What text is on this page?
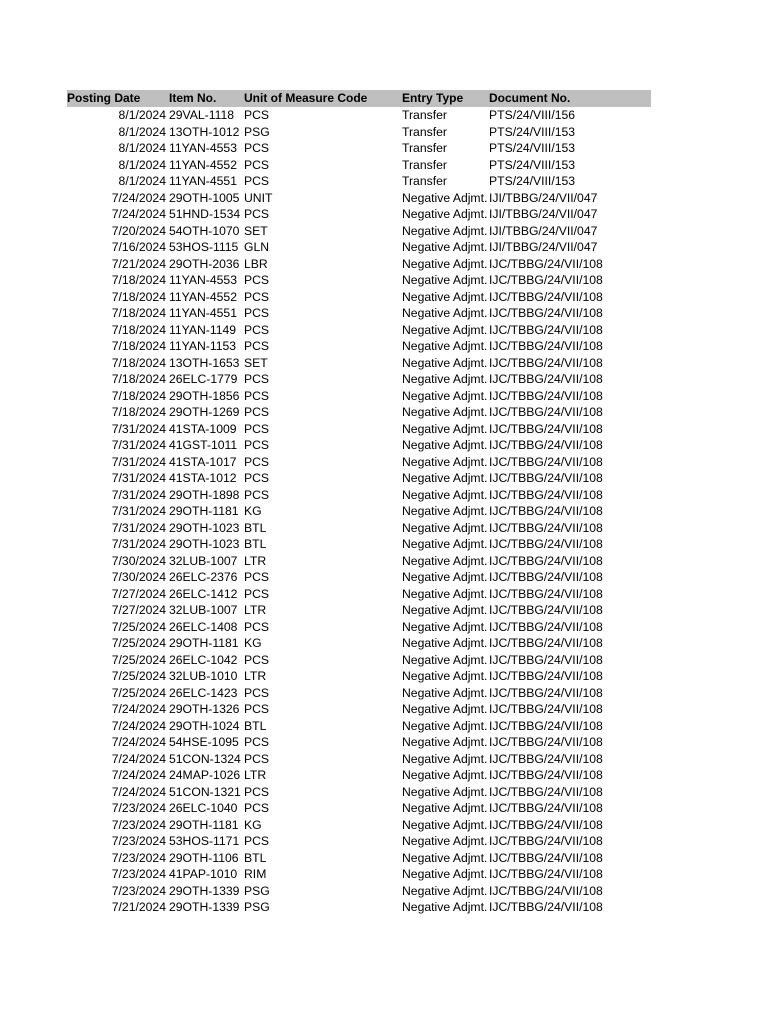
Posting Date	Item No. Unit of Measure Code	Entry Type Document No.
8/1/2024 29VAL-1118 PCS	Transfer	PTS/24/VIII/156
8/1/2024 13OTH-1012 PSG	Transfer	PTS/24/VIII/153
8/1/2024 11YAN-4553 PCS	Transfer	PTS/24/VIII/153
8/1/2024 11YAN-4552 PCS	Transfer	PTS/24/VIII/153
8/1/2024 11YAN-4551 PCS	Transfer	PTS/24/VIII/153
7/24/2024 29OTH-1005 UNIT	Negative Adjmt. IJI/TBBG/24/VII/047
7/24/2024 51HND-1534 PCS	Negative Adjmt. IJI/TBBG/24/VII/047
7/20/2024 54OTH-1070 SET	Negative Adjmt. IJI/TBBG/24/VII/047
7/16/2024 53HOS-1115 GLN	Negative Adjmt. IJI/TBBG/24/VII/047
7/21/2024 29OTH-2036 LBR	Negative Adjmt. IJC/TBBG/24/VII/108
7/18/2024 11YAN-4553 PCS	Negative Adjmt. IJC/TBBG/24/VII/108
7/18/2024 11YAN-4552 PCS	Negative Adjmt. IJC/TBBG/24/VII/108
7/18/2024 11YAN-4551 PCS	Negative Adjmt. IJC/TBBG/24/VII/108
7/18/2024 11YAN-1149 PCS	Negative Adjmt. IJC/TBBG/24/VII/108
7/18/2024 11YAN-1153 PCS	Negative Adjmt. IJC/TBBG/24/VII/108
7/18/2024 13OTH-1653 SET	Negative Adjmt. IJC/TBBG/24/VII/108
7/18/2024 26ELC-1779 PCS	Negative Adjmt. IJC/TBBG/24/VII/108
7/18/2024 29OTH-1856 PCS	Negative Adjmt. IJC/TBBG/24/VII/108
7/18/2024 29OTH-1269 PCS	Negative Adjmt. IJC/TBBG/24/VII/108
7/31/2024 41STA-1009 PCS	Negative Adjmt. IJC/TBBG/24/VII/108
7/31/2024 41GST-1011 PCS	Negative Adjmt. IJC/TBBG/24/VII/108
7/31/2024 41STA-1017 PCS	Negative Adjmt. IJC/TBBG/24/VII/108
7/31/2024 41STA-1012 PCS	Negative Adjmt. IJC/TBBG/24/VII/108
7/31/2024 29OTH-1898 PCS	Negative Adjmt. IJC/TBBG/24/VII/108
7/31/2024 29OTH-1181 KG	Negative Adjmt. IJC/TBBG/24/VII/108
7/31/2024 29OTH-1023 BTL	Negative Adjmt. IJC/TBBG/24/VII/108
7/31/2024 29OTH-1023 BTL	Negative Adjmt. IJC/TBBG/24/VII/108
7/30/2024 32LUB-1007 LTR	Negative Adjmt. IJC/TBBG/24/VII/108
7/30/2024 26ELC-2376 PCS	Negative Adjmt. IJC/TBBG/24/VII/108
7/27/2024 26ELC-1412 PCS	Negative Adjmt. IJC/TBBG/24/VII/108
7/27/2024 32LUB-1007 LTR	Negative Adjmt. IJC/TBBG/24/VII/108
7/25/2024 26ELC-1408 PCS	Negative Adjmt. IJC/TBBG/24/VII/108
7/25/2024 29OTH-1181 KG	Negative Adjmt. IJC/TBBG/24/VII/108
7/25/2024 26ELC-1042 PCS	Negative Adjmt. IJC/TBBG/24/VII/108
7/25/2024 32LUB-1010 LTR	Negative Adjmt. IJC/TBBG/24/VII/108
7/25/2024 26ELC-1423 PCS	Negative Adjmt. IJC/TBBG/24/VII/108
7/24/2024 29OTH-1326 PCS	Negative Adjmt. IJC/TBBG/24/VII/108
7/24/2024 29OTH-1024 BTL	Negative Adjmt. IJC/TBBG/24/VII/108
7/24/2024 54HSE-1095 PCS	Negative Adjmt. IJC/TBBG/24/VII/108
7/24/2024 51CON-1324 PCS	Negative Adjmt. IJC/TBBG/24/VII/108
7/24/2024 24MAP-1026 LTR	Negative Adjmt. IJC/TBBG/24/VII/108
7/24/2024 51CON-1321 PCS	Negative Adjmt. IJC/TBBG/24/VII/108
7/23/2024 26ELC-1040 PCS	Negative Adjmt. IJC/TBBG/24/VII/108
7/23/2024 29OTH-1181 KG	Negative Adjmt. IJC/TBBG/24/VII/108
7/23/2024 53HOS-1171 PCS	Negative Adjmt. IJC/TBBG/24/VII/108
7/23/2024 29OTH-1106 BTL	Negative Adjmt. IJC/TBBG/24/VII/108
7/23/2024 41PAP-1010 RIM	Negative Adjmt. IJC/TBBG/24/VII/108
7/23/2024 29OTH-1339 PSG	Negative Adjmt. IJC/TBBG/24/VII/108
7/21/2024 29OTH-1339 PSG	Negative Adjmt. IJC/TBBG/24/VII/108
